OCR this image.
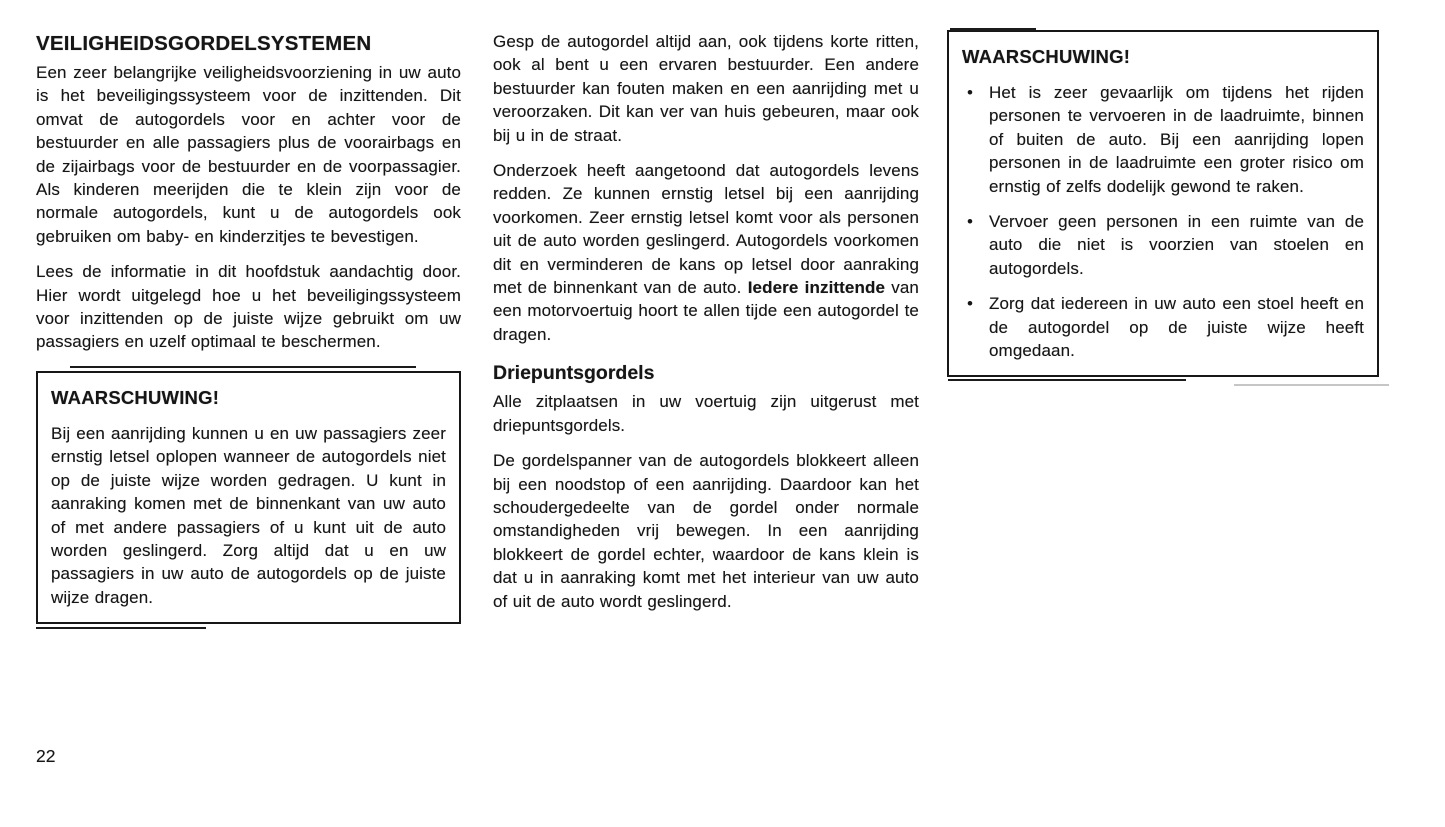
VEILIGHEIDSGORDELSYSTEMEN

Een zeer belangrijke veiligheidsvoorziening in uw auto is het beveiligingssysteem voor de inzittenden. Dit omvat de autogordels voor en achter voor de bestuurder en alle passagiers plus de voorairbags en de zijairbags voor de bestuurder en de voorpassagier. Als kinderen meerijden die te klein zijn voor de normale autogordels, kunt u de autogordels ook gebruiken om baby- en kinderzitjes te bevestigen.

Lees de informatie in dit hoofdstuk aandachtig door. Hier wordt uitgelegd hoe u het beveiligingssysteem voor inzittenden op de juiste wijze gebruikt om uw passagiers en uzelf optimaal te beschermen.

WAARSCHUWING!

Bij een aanrijding kunnen u en uw passagiers zeer ernstig letsel oplopen wanneer de autogordels niet op de juiste wijze worden gedragen. U kunt in aanraking komen met de binnenkant van uw auto of met andere passagiers of u kunt uit de auto worden geslingerd. Zorg altijd dat u en uw passagiers in uw auto de autogordels op de juiste wijze dragen.

Gesp de autogordel altijd aan, ook tijdens korte ritten, ook al bent u een ervaren bestuurder. Een andere bestuurder kan fouten maken en een aanrijding met u veroorzaken. Dit kan ver van huis gebeuren, maar ook bij u in de straat.

Onderzoek heeft aangetoond dat autogordels levens redden. Ze kunnen ernstig letsel bij een aanrijding voorkomen. Zeer ernstig letsel komt voor als personen uit de auto worden geslingerd. Autogordels voorkomen dit en verminderen de kans op letsel door aanraking met de binnenkant van de auto. Iedere inzittende van een motorvoertuig hoort te allen tijde een autogordel te dragen.

Driepuntsgordels

Alle zitplaatsen in uw voertuig zijn uitgerust met driepuntsgordels.

De gordelspanner van de autogordels blokkeert alleen bij een noodstop of een aanrijding. Daardoor kan het schoudergedeelte van de gordel onder normale omstandigheden vrij bewegen. In een aanrijding blokkeert de gordel echter, waardoor de kans klein is dat u in aanraking komt met het interieur van uw auto of uit de auto wordt geslingerd.

WAARSCHUWING!
• Het is zeer gevaarlijk om tijdens het rijden personen te vervoeren in de laadruimte, binnen of buiten de auto. Bij een aanrijding lopen personen in de laadruimte een groter risico om ernstig of zelfs dodelijk gewond te raken.
• Vervoer geen personen in een ruimte van de auto die niet is voorzien van stoelen en autogordels.
• Zorg dat iedereen in uw auto een stoel heeft en de autogordel op de juiste wijze heeft omgedaan.
22
